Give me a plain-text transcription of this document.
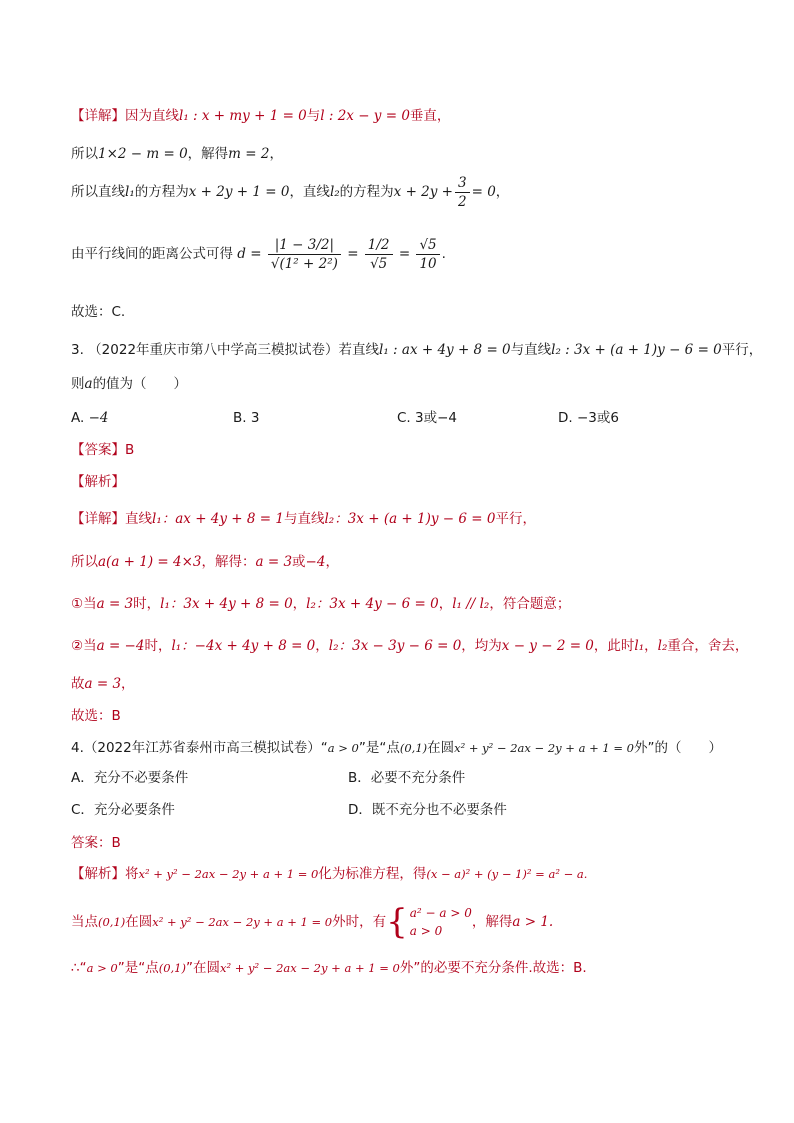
【详解】因为直线l₁ : x + my + 1 = 0与l : 2x − y = 0垂直，
所以1×2 − m = 0，解得m = 2，
所以直线l₁的方程为x + 2y + 1 = 0，直线l₂的方程为$x + 2y + \frac{3}{2} = 0$，
由平行线间的距离公式可得 $d = \frac{|1 - 3/2|}{\text{√(1² + 2²)}} = \frac{1/2}{√5} = \frac{√5}{10}$ .
故选：C.
3. （2022年重庆市第八中学高三模拟试卷）若直线l₁ : ax + 4y + 8 = 0与直线l₂ : 3x + (a + 1)y − 6 = 0平行，
则a的值为（　　）
A. −4	B. 3	C. 3或−4	D. −3或6
【答案】B
【解析】
【详解】直线l₁：ax + 4y + 8 = 1与直线l₂：3x + (a + 1)y − 6 = 0平行，
所以a(a + 1) = 4×3，解得：a = 3或−4，
①当a = 3时，l₁：3x + 4y + 8 = 0，l₂：3x + 4y − 6 = 0，l₁ // l₂，符合题意；
②当a = −4时，l₁：−4x + 4y + 8 = 0，l₂：3x − 3y − 6 = 0，均为x − y − 2 = 0，此时l₁，l₂重合，舍去，
故a = 3，
故选：B
4.（2022年江苏省泰州市高三模拟试卷）“a > 0”是“点(0,1)在圆x² + y² − 2ax − 2y + a + 1 = 0外”的（　　）
A．充分不必要条件	B．必要不充分条件
C．充分必要条件	D．既不充分也不必要条件
答案：B
【解析】将x² + y² − 2ax − 2y + a + 1 = 0化为标准方程，得(x − a)² + (y − 1)² = a² − a.
当点(0,1)在圆x² + y² − 2ax − 2y + a + 1 = 0外时，有{ a² − a > 0
a > 0
，解得a > 1.
∴“a > 0”是“点(0,1)”在圆x² + y² − 2ax − 2y + a + 1 = 0外”的必要不充分条件.故选：B.
